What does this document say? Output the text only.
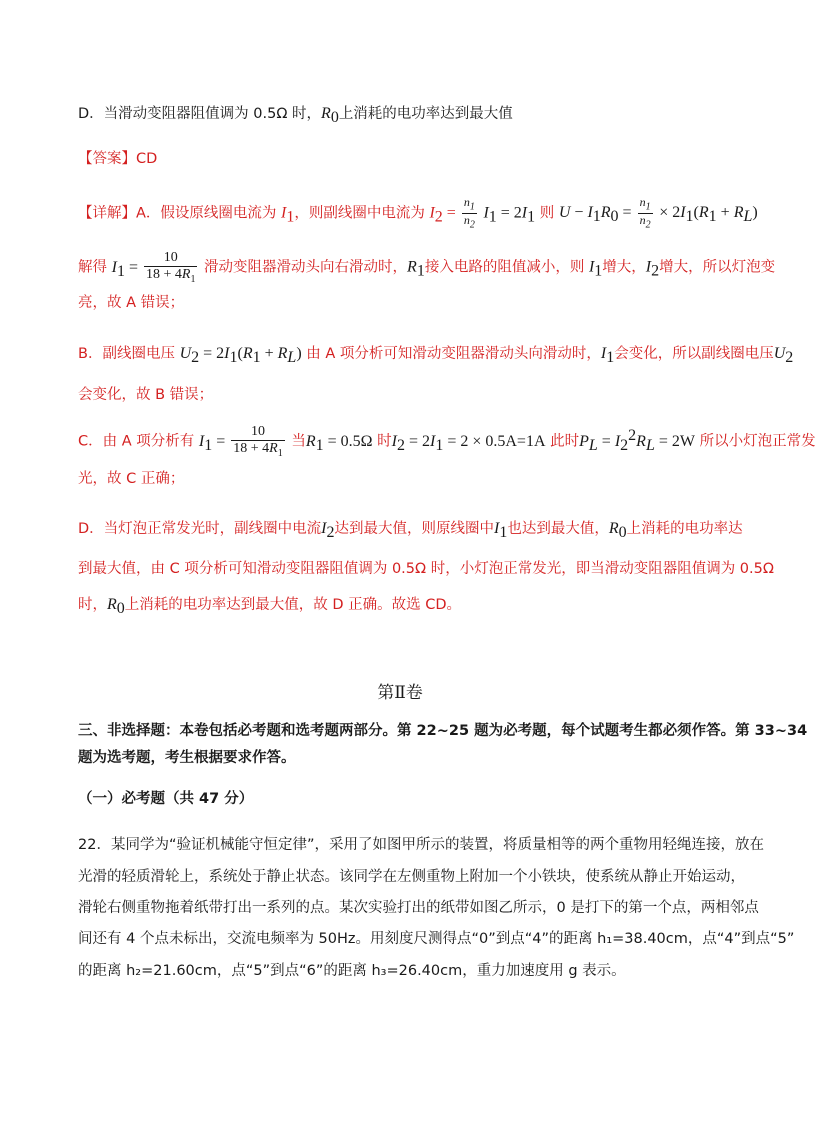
D．当滑动变阻器阻值调为 0.5Ω 时，$R_0$上消耗的电功率达到最大值
【答案】CD
【详解】A．假设原线圈电流为 $I_1$，则副线圈中电流为 $I_2 = \frac{n_1}{n_2} I_1 = 2I_1$ 则 $U - I_1R_0 = \frac{n_1}{n_2} \times 2I_1(R_1 + R_L)$
解得 $I_1 = \frac{10}{18 + 4R_1}$ 滑动变阻器滑动头向右滑动时，$R_1$接入电路的阻值减小，则 $I_1$增大，$I_2$增大，所以灯泡变
亮，故 A 错误；
B．副线圈电压 $U_2 = 2I_1(R_1 + R_L)$ 由 A 项分析可知滑动变阻器滑动头向滑动时，$I_1$会变化，所以副线圈电压$U_2$
会变化，故 B 错误；
C．由 A 项分析有 $I_1 = \frac{10}{18 + 4R_1}$ 当$R_1 = 0.5\Omega$ 时$I_2 = 2I_1 = 2 \times 0.5A=1A$ 此时$P_L = I_2^2R_L = 2W$ 所以小灯泡正常发
光，故 C 正确；
D．当灯泡正常发光时，副线圈中电流$I_2$达到最大值，则原线圈中$I_1$也达到最大值，$R_0$上消耗的电功率达
到最大值，由 C 项分析可知滑动变阻器阻值调为 0.5Ω 时，小灯泡正常发光，即当滑动变阻器阻值调为 0.5Ω
时，$R_0$上消耗的电功率达到最大值，故 D 正确。故选 CD。
第Ⅱ卷
三、非选择题：本卷包括必考题和选考题两部分。第 22~25 题为必考题，每个试题考生都必须作答。第 33~34
题为选考题，考生根据要求作答。
（一）必考题（共 47 分）
22．某同学为“验证机械能守恒定律”，采用了如图甲所示的装置，将质量相等的两个重物用轻绳连接，放在
光滑的轻质滑轮上，系统处于静止状态。该同学在左侧重物上附加一个小铁块，使系统从静止开始运动，
滑轮右侧重物拖着纸带打出一系列的点。某次实验打出的纸带如图乙所示，0 是打下的第一个点，两相邻点
间还有 4 个点未标出，交流电频率为 50Hz。用刻度尺测得点“0”到点“4”的距离 h₁=38.40cm，点“4”到点“5”
的距离 h₂=21.60cm，点“5”到点“6”的距离 h₃=26.40cm，重力加速度用 g 表示。
